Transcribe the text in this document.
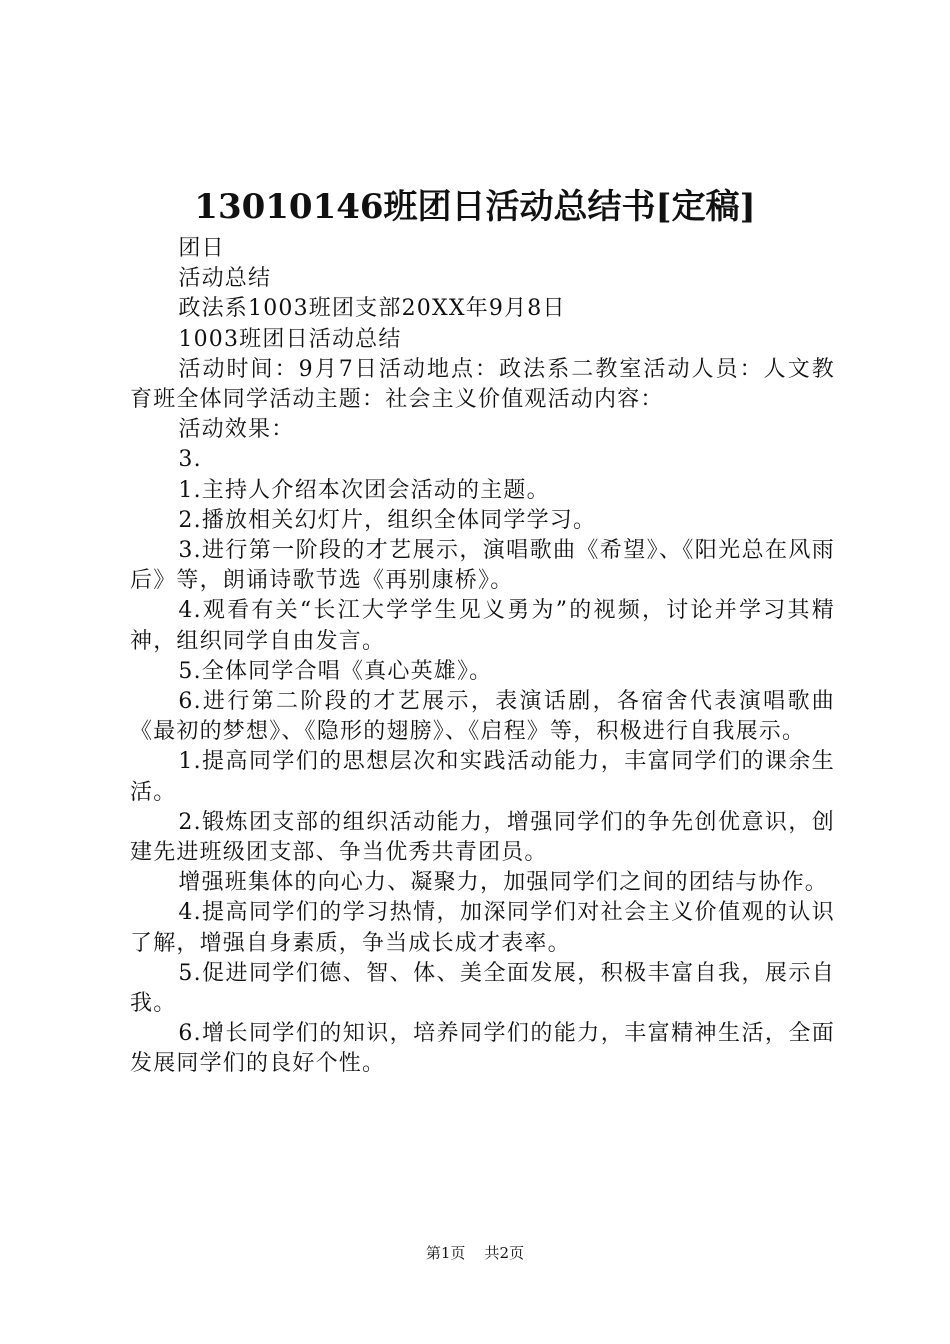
13010146班团日活动总结书[定稿]

团日

活动总结

政法系1003班团支部20XX年9月8日

1003班团日活动总结

活动时间：9月7日活动地点：政法系二教室活动人员：人文教育班全体同学活动主题：社会主义价值观活动内容：

活动效果：

3.

1.主持人介绍本次团会活动的主题。

2.播放相关幻灯片，组织全体同学学习。

3.进行第一阶段的才艺展示，演唱歌曲《希望》、《阳光总在风雨后》等，朗诵诗歌节选《再别康桥》。

4.观看有关“长江大学学生见义勇为”的视频，讨论并学习其精神，组织同学自由发言。

5.全体同学合唱《真心英雄》。

6.进行第二阶段的才艺展示，表演话剧，各宿舍代表演唱歌曲《最初的梦想》、《隐形的翅膀》、《启程》等，积极进行自我展示。

1.提高同学们的思想层次和实践活动能力，丰富同学们的课余生活。

2.锻炼团支部的组织活动能力，增强同学们的争先创优意识，创建先进班级团支部、争当优秀共青团员。

增强班集体的向心力、凝聚力，加强同学们之间的团结与协作。

4.提高同学们的学习热情，加深同学们对社会主义价值观的认识了解，增强自身素质，争当成长成才表率。

5.促进同学们德、智、体、美全面发展，积极丰富自我，展示自我。

6.增长同学们的知识，培养同学们的能力，丰富精神生活，全面发展同学们的良好个性。

第1页 共2页
